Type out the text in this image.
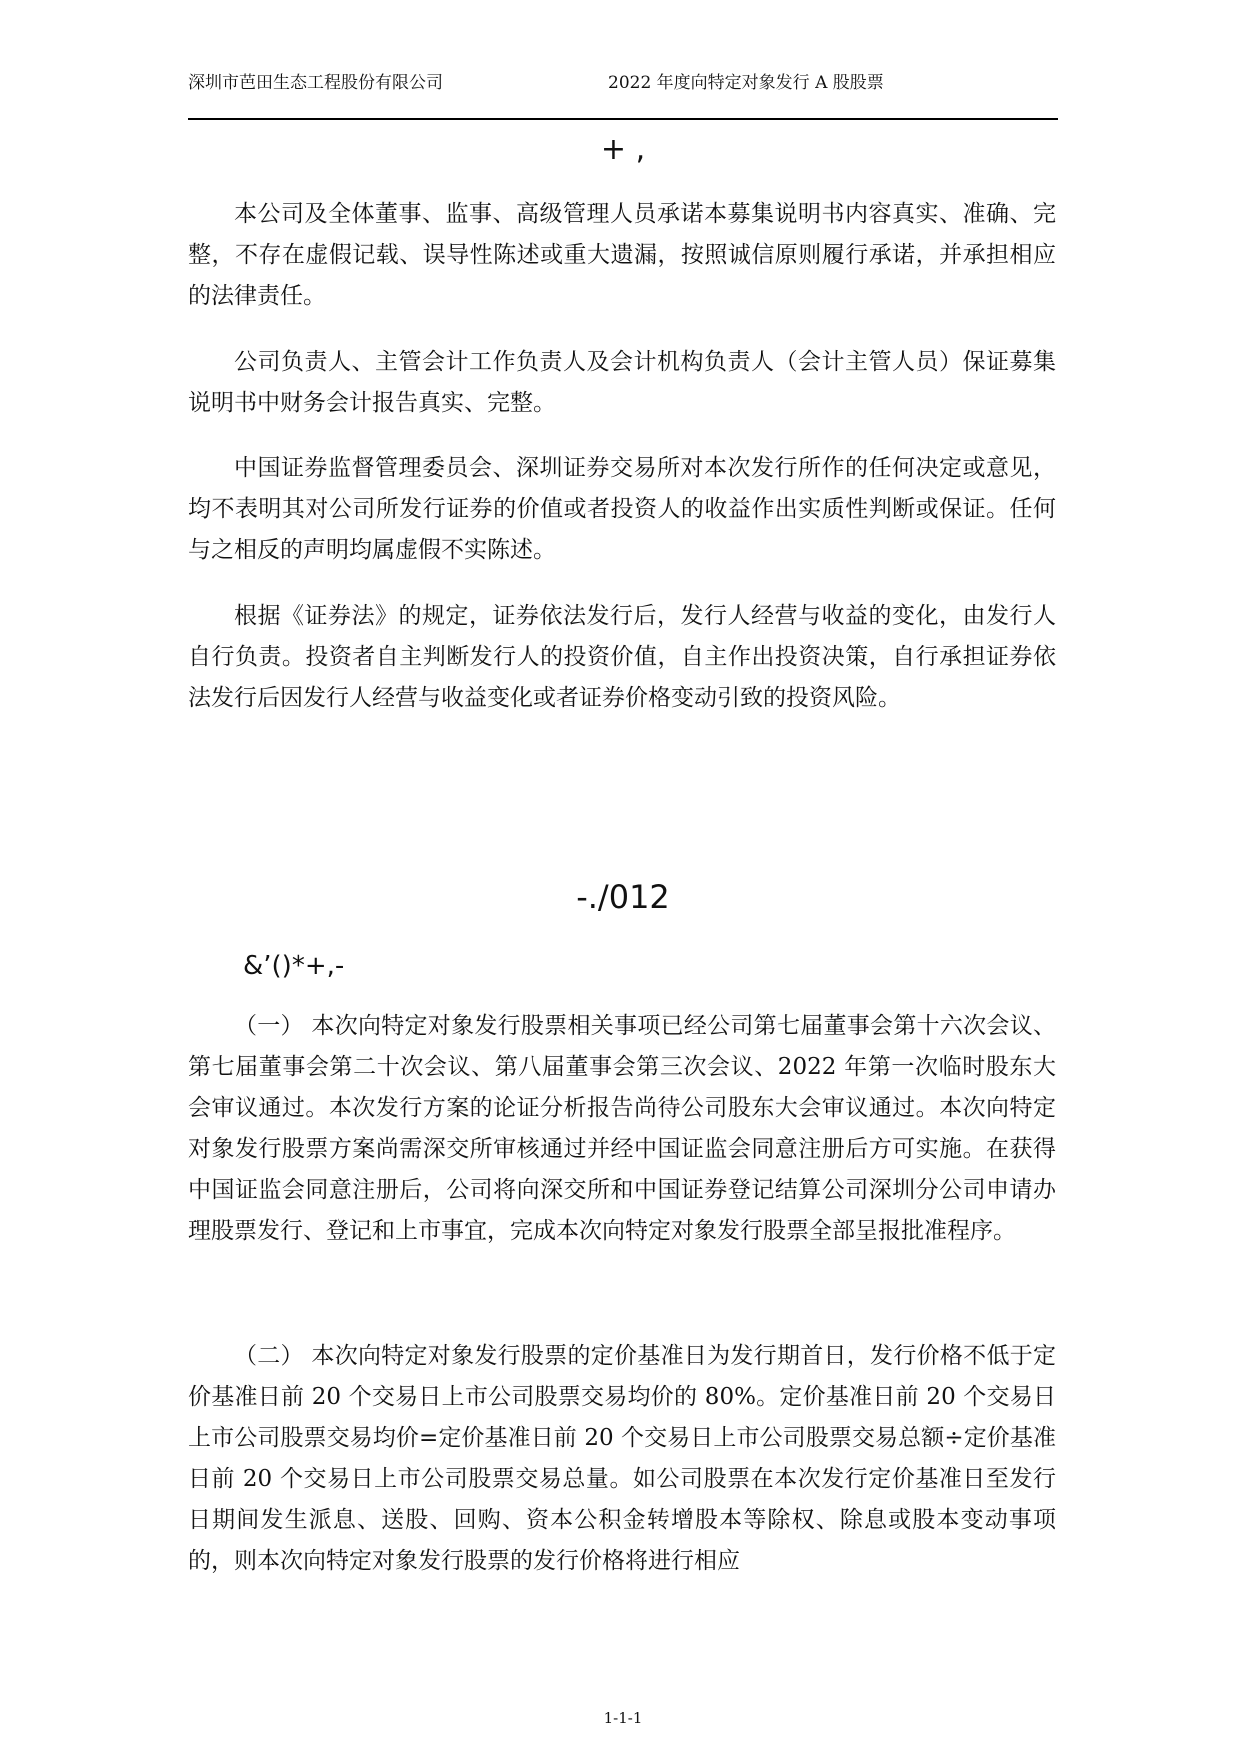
深圳市芭田生态工程股份有限公司	2022 年度向特定对象发行 A 股股票
+ ,

本公司及全体董事、监事、高级管理人员承诺本募集说明书内容真实、准确、完整，不存在虚假记载、误导性陈述或重大遗漏，按照诚信原则履行承诺，并承担相应的法律责任。

公司负责人、主管会计工作负责人及会计机构负责人（会计主管人员）保证募集说明书中财务会计报告真实、完整。

中国证券监督管理委员会、深圳证券交易所对本次发行所作的任何决定或意见，均不表明其对公司所发行证券的价值或者投资人的收益作出实质性判断或保证。任何与之相反的声明均属虚假不实陈述。

根据《证券法》的规定，证券依法发行后，发行人经营与收益的变化，由发行人自行负责。投资者自主判断发行人的投资价值，自主作出投资决策，自行承担证券依法发行后因发行人经营与收益变化或者证券价格变动引致的投资风险。

-./012
&’()*+,-

（一） 本次向特定对象发行股票相关事项已经公司第七届董事会第十六次会议、第七届董事会第二十次会议、第八届董事会第三次会议、2022 年第一次临时股东大会审议通过。本次发行方案的论证分析报告尚待公司股东大会审议通过。本次向特定对象发行股票方案尚需深交所审核通过并经中国证监会同意注册后方可实施。在获得中国证监会同意注册后，公司将向深交所和中国证券登记结算公司深圳分公司申请办理股票发行、登记和上市事宜，完成本次向特定对象发行股票全部呈报批准程序。

（二） 本次向特定对象发行股票的定价基准日为发行期首日，发行价格不低于定价基准日前 20 个交易日上市公司股票交易均价的 80%。定价基准日前 20 个交易日上市公司股票交易均价=定价基准日前 20 个交易日上市公司股票交易总额÷定价基准日前 20 个交易日上市公司股票交易总量。如公司股票在本次发行定价基准日至发行日期间发生派息、送股、回购、资本公积金转增股本等除权、除息或股本变动事项的，则本次向特定对象发行股票的发行价格将进行相应

1-1-1
